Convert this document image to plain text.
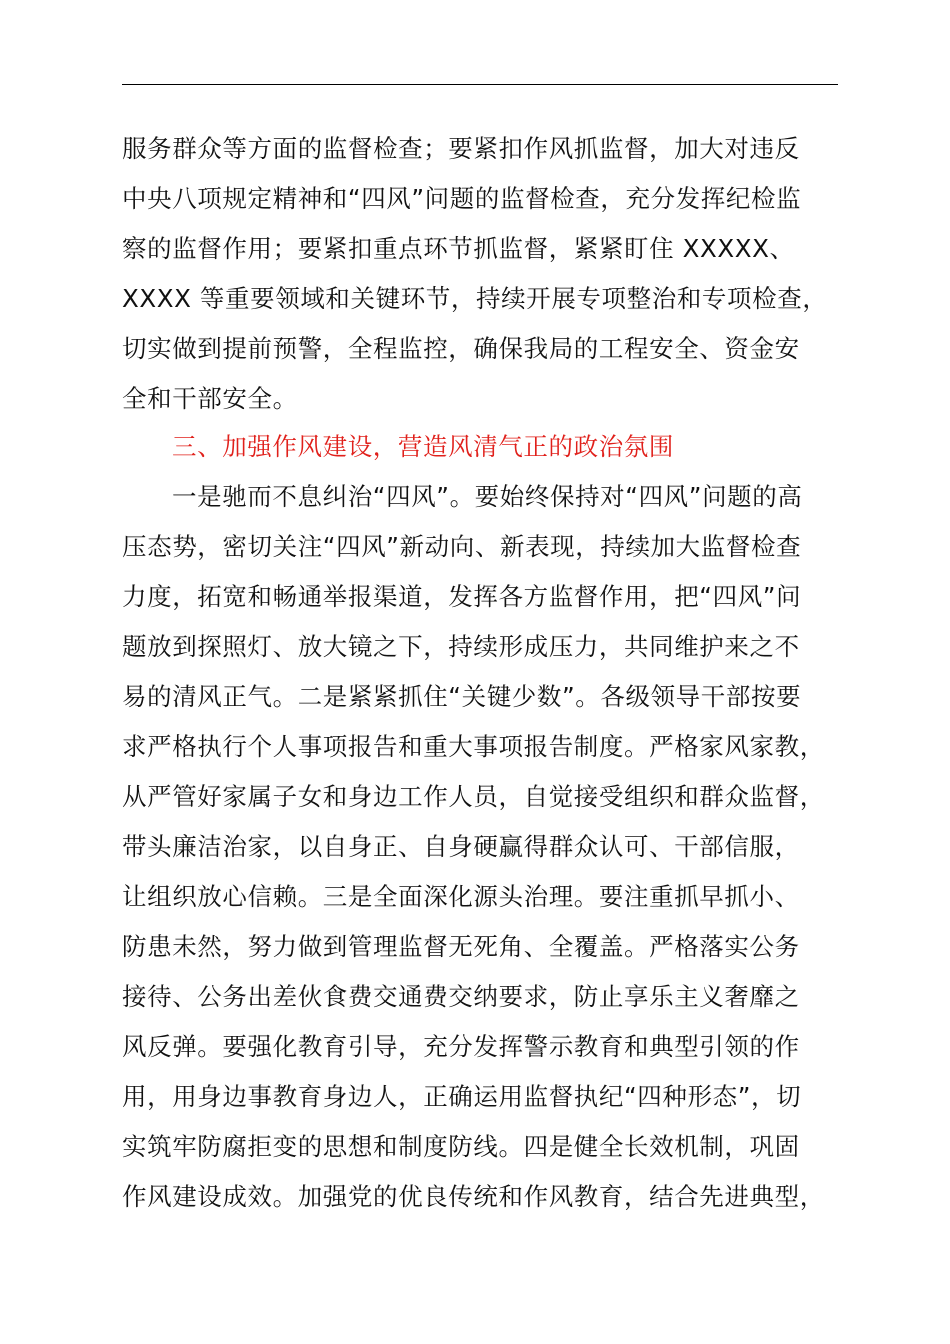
服务群众等方面的监督检查；要紧扣作风抓监督，加大对违反
中央八项规定精神和“四风”问题的监督检查，充分发挥纪检监
察的监督作用；要紧扣重点环节抓监督，紧紧盯住 XXXXX、
XXXX 等重要领域和关键环节，持续开展专项整治和专项检查，
切实做到提前预警，全程监控，确保我局的工程安全、资金安
全和干部安全。
三、加强作风建设，营造风清气正的政治氛围
一是驰而不息纠治“四风”。要始终保持对“四风”问题的高
压态势，密切关注“四风”新动向、新表现，持续加大监督检查
力度，拓宽和畅通举报渠道，发挥各方监督作用，把“四风”问
题放到探照灯、放大镜之下，持续形成压力，共同维护来之不
易的清风正气。二是紧紧抓住“关键少数”。各级领导干部按要
求严格执行个人事项报告和重大事项报告制度。严格家风家教，
从严管好家属子女和身边工作人员，自觉接受组织和群众监督，
带头廉洁治家，以自身正、自身硬赢得群众认可、干部信服，
让组织放心信赖。三是全面深化源头治理。要注重抓早抓小、
防患未然，努力做到管理监督无死角、全覆盖。严格落实公务
接待、公务出差伙食费交通费交纳要求，防止享乐主义奢靡之
风反弹。要强化教育引导，充分发挥警示教育和典型引领的作
用，用身边事教育身边人，正确运用监督执纪“四种形态”，切
实筑牢防腐拒变的思想和制度防线。四是健全长效机制，巩固
作风建设成效。加强党的优良传统和作风教育，结合先进典型，
